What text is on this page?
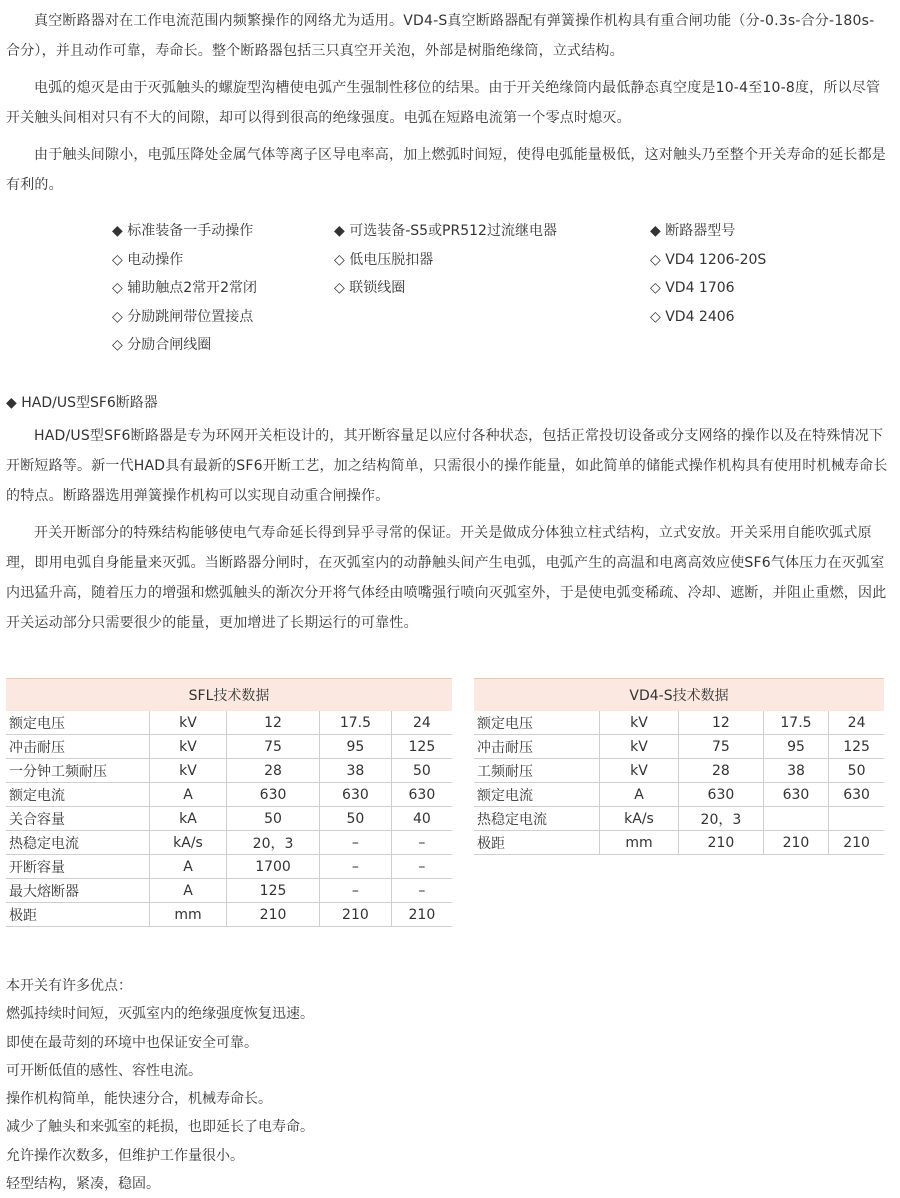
真空断路器对在工作电流范围内频繁操作的网络尤为适用。VD4-S真空断路器配有弹簧操作机构具有重合闸功能（分-0.3s-合分-180s-合分），并且动作可靠，寿命长。整个断路器包括三只真空开关泡，外部是树脂绝缘筒，立式结构。

电弧的熄灭是由于灭弧触头的螺旋型沟槽使电弧产生强制性移位的结果。由于开关绝缘筒内最低静态真空度是10-4至10-8度，所以尽管开关触头间相对只有不大的间隙，却可以得到很高的绝缘强度。电弧在短路电流第一个零点时熄灭。

由于触头间隙小，电弧压降处金属气体等离子区导电率高，加上燃弧时间短，使得电弧能量极低，这对触头乃至整个开关寿命的延长都是有利的。

◆ 标准装备一手动操作
◇ 电动操作
◇ 辅助触点2常开2常闭
◇ 分励跳闸带位置接点
◇ 分励合闸线圈
◆ 可选装备-S5或PR512过流继电器
◇ 低电压脱扣器
◇ 联锁线圈
◆ 断路器型号
◇ VD4 1206-20S
◇ VD4 1706
◇ VD4 2406
◆ HAD/US型SF6断路器

HAD/US型SF6断路器是专为环网开关柜设计的，其开断容量足以应付各种状态，包括正常投切设备或分支网络的操作以及在特殊情况下开断短路等。新一代HAD具有最新的SF6开断工艺，加之结构简单，只需很小的操作能量，如此简单的储能式操作机构具有使用时机械寿命长的特点。断路器选用弹簧操作机构可以实现自动重合闸操作。

开关开断部分的特殊结构能够使电气寿命延长得到异乎寻常的保证。开关是做成分体独立柱式结构，立式安放。开关采用自能吹弧式原理，即用电弧自身能量来灭弧。当断路器分闸时，在灭弧室内的动静触头间产生电弧，电弧产生的高温和电离高效应使SF6气体压力在灭弧室内迅猛升高，随着压力的增强和燃弧触头的渐次分开将气体经由喷嘴强行喷向灭弧室外，于是使电弧变稀疏、冷却、遮断，并阻止重燃，因此开关运动部分只需要很少的能量，更加增进了长期运行的可靠性。

SFL技术数据				
额定电压	kV	12	17.5	24
冲击耐压	kV	75	95	125
一分钟工频耐压	kV	28	38	50
额定电流	A	630	630	630
关合容量	kA	50	50	40
热稳定电流	kA/s	20，3	–	–
开断容量	A	1700	–	–
最大熔断器	A	125	–	–
极距	mm	210	210	210
VD4-S技术数据				
额定电压	kV	12	17.5	24
冲击耐压	kV	75	95	125
工频耐压	kV	28	38	50
额定电流	A	630	630	630
热稳定电流	kA/s	20，3		
极距	mm	210	210	210
本开关有许多优点：
燃弧持续时间短，灭弧室内的绝缘强度恢复迅速。
即使在最苛刻的环境中也保证安全可靠。
可开断低值的感性、容性电流。
操作机构简单，能快速分合，机械寿命长。
减少了触头和来弧室的耗损，也即延长了电寿命。
允许操作次数多，但维护工作量很小。
轻型结构，紧凑，稳固。
